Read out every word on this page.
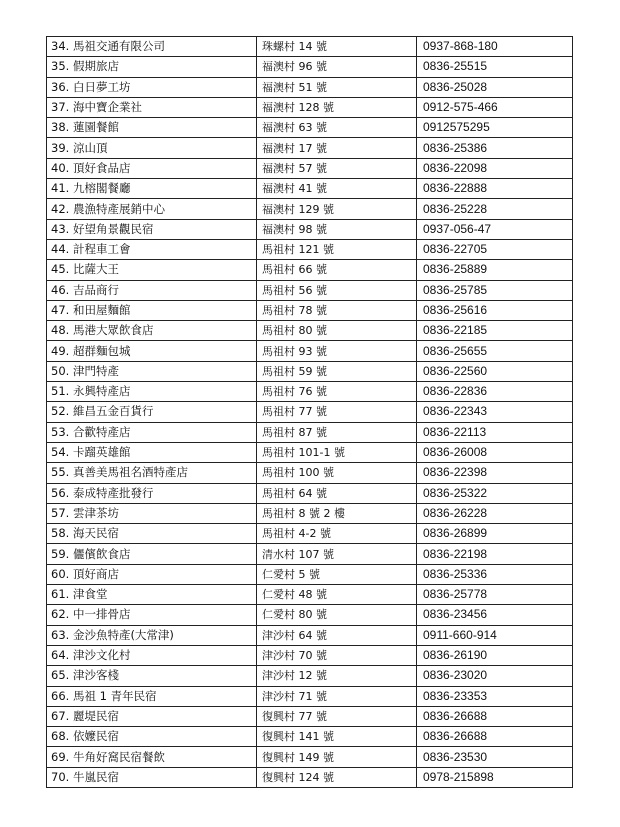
34. 馬祖交通有限公司	珠螺村 14 號	0937-868-180
35. 假期旅店	福澳村 96 號	0836-25515
36. 白日夢工坊	福澳村 51 號	0836-25028
37. 海中寶企業社	福澳村 128 號	0912-575-466
38. 蓮園餐館	福澳村 63 號	0912575295
39. 涼山頂	福澳村 17 號	0836-25386
40. 頂好食品店	福澳村 57 號	0836-22098
41. 九榕閣餐廳	福澳村 41 號	0836-22888
42. 農漁特產展銷中心	福澳村 129 號	0836-25228
43. 好望角景觀民宿	福澳村 98 號	0937-056-47
44. 計程車工會	馬祖村 121 號	0836-22705
45. 比薩大王	馬祖村 66 號	0836-25889
46. 吉品商行	馬祖村 56 號	0836-25785
47. 和田屋麵館	馬祖村 78 號	0836-25616
48. 馬港大眾飲食店	馬祖村 80 號	0836-22185
49. 超群麵包城	馬祖村 93 號	0836-25655
50. 津門特產	馬祖村 59 號	0836-22560
51. 永興特產店	馬祖村 76 號	0836-22836
52. 維昌五金百貨行	馬祖村 77 號	0836-22343
53. 合歡特產店	馬祖村 87 號	0836-22113
54. 卡蹓英雄館	馬祖村 101-1 號	0836-26008
55. 真善美馬祖名酒特產店	馬祖村 100 號	0836-22398
56. 泰成特產批發行	馬祖村 64 號	0836-25322
57. 雲津茶坊	馬祖村 8 號 2 樓	0836-26228
58. 海天民宿	馬祖村 4-2 號	0836-26899
59. 儷儐飲食店	清水村 107 號	0836-22198
60. 頂好商店	仁愛村 5 號	0836-25336
61. 津食堂	仁愛村 48 號	0836-25778
62. 中一排骨店	仁愛村 80 號	0836-23456
63. 金沙魚特產(大常津)	津沙村 64 號	0911-660-914
64. 津沙文化村	津沙村 70 號	0836-26190
65. 津沙客棧	津沙村 12 號	0836-23020
66. 馬祖 1 青年民宿	津沙村 71 號	0836-23353
67. 麗堤民宿	復興村 77 號	0836-26688
68. 依嬤民宿	復興村 141 號	0836-26688
69. 牛角好窩民宿餐飲	復興村 149 號	0836-23530
70. 牛嵐民宿	復興村 124 號	0978-215898
